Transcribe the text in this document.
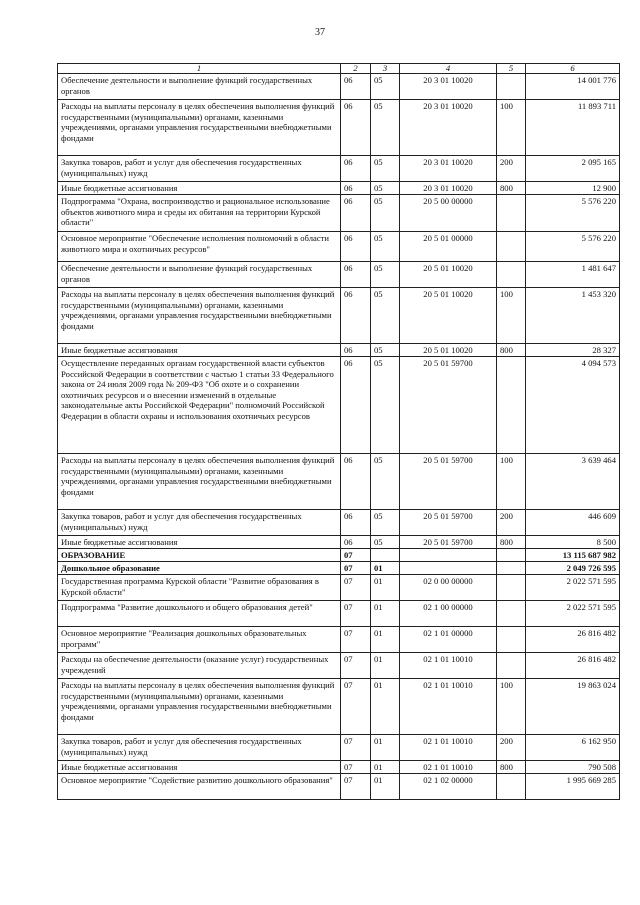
37
1	2	3	4	5	6
Обеспечение деятельности и выполнение функций государственных органов	06	05	20 3 01 10020		14 001 776
Расходы на выплаты персоналу в целях обеспечения выполнения функций государственными (муниципальными) органами, казенными учреждениями, органами управления государственными внебюджетными фондами	06	05	20 3 01 10020	100	11 893 711
Закупка товаров, работ и услуг для обеспечения государственных (муниципальных) нужд	06	05	20 3 01 10020	200	2 095 165
Иные бюджетные ассигнования	06	05	20 3 01 10020	800	12 900
Подпрограмма "Охрана, воспроизводство и рациональное использование объектов животного мира и среды их обитания на территории Курской области"	06	05	20 5 00 00000		5 576 220
Основное мероприятие "Обеспечение исполнения полномочий в области животного мира и охотничьих ресурсов"	06	05	20 5 01 00000		5 576 220
Обеспечение деятельности и выполнение функций государственных органов	06	05	20 5 01 10020		1 481 647
Расходы на выплаты персоналу в целях обеспечения выполнения функций государственными (муниципальными) органами, казенными учреждениями, органами управления государственными внебюджетными фондами	06	05	20 5 01 10020	100	1 453 320
Иные бюджетные ассигнования	06	05	20 5 01 10020	800	28 327
Осуществление переданных органам государственной власти субъектов Российской Федерации в соответствии с частью 1 статьи 33 Федерального закона от 24 июля 2009 года № 209-ФЗ "Об охоте и о сохранении охотничьих ресурсов и о внесении изменений в отдельные законодательные акты Российской Федерации" полномочий Российской Федерации в области охраны и использования охотничьих ресурсов	06	05	20 5 01 59700		4 094 573
Расходы на выплаты персоналу в целях обеспечения выполнения функций государственными (муниципальными) органами, казенными учреждениями, органами управления государственными внебюджетными фондами	06	05	20 5 01 59700	100	3 639 464
Закупка товаров, работ и услуг для обеспечения государственных (муниципальных) нужд	06	05	20 5 01 59700	200	446 609
Иные бюджетные ассигнования	06	05	20 5 01 59700	800	8 500
ОБРАЗОВАНИЕ	07				13 115 687 982
Дошкольное образование	07	01			2 049 726 595
Государственная программа Курской области "Развитие образования в Курской области"	07	01	02 0 00 00000		2 022 571 595
Подпрограмма "Развитие дошкольного и общего образования детей"	07	01	02 1 00 00000		2 022 571 595
Основное мероприятие "Реализация дошкольных образовательных программ"	07	01	02 1 01 00000		26 816 482
Расходы на обеспечение деятельности (оказание услуг) государственных учреждений	07	01	02 1 01 10010		26 816 482
Расходы на выплаты персоналу в целях обеспечения выполнения функций государственными (муниципальными) органами, казенными учреждениями, органами управления государственными внебюджетными фондами	07	01	02 1 01 10010	100	19 863 024
Закупка товаров, работ и услуг для обеспечения государственных (муниципальных) нужд	07	01	02 1 01 10010	200	6 162 950
Иные бюджетные ассигнования	07	01	02 1 01 10010	800	790 508
Основное мероприятие "Содействие развитию дошкольного образования"	07	01	02 1 02 00000		1 995 669 285
